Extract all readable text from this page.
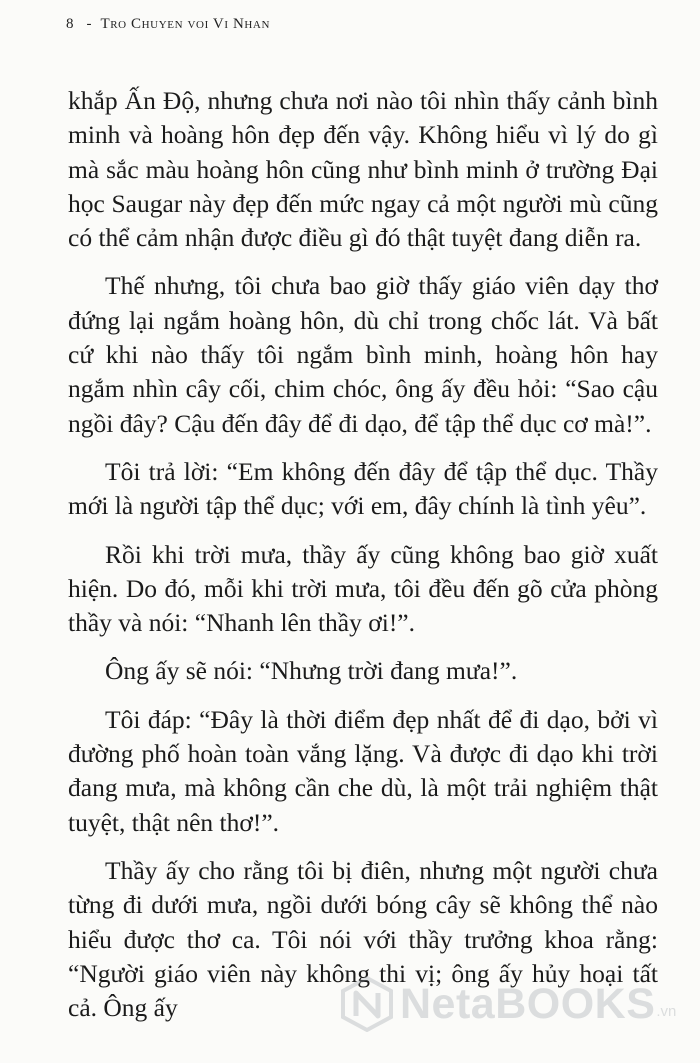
8 - Tro Chuyen voi Vi Nhan

khắp Ấn Độ, nhưng chưa nơi nào tôi nhìn thấy cảnh bình minh và hoàng hôn đẹp đến vậy. Không hiểu vì lý do gì mà sắc màu hoàng hôn cũng như bình minh ở trường Đại học Saugar này đẹp đến mức ngay cả một người mù cũng có thể cảm nhận được điều gì đó thật tuyệt đang diễn ra.

Thế nhưng, tôi chưa bao giờ thấy giáo viên dạy thơ đứng lại ngắm hoàng hôn, dù chỉ trong chốc lát. Và bất cứ khi nào thấy tôi ngắm bình minh, hoàng hôn hay ngắm nhìn cây cối, chim chóc, ông ấy đều hỏi: “Sao cậu ngồi đây? Cậu đến đây để đi dạo, để tập thể dục cơ mà!”.

Tôi trả lời: “Em không đến đây để tập thể dục. Thầy mới là người tập thể dục; với em, đây chính là tình yêu”.

Rồi khi trời mưa, thầy ấy cũng không bao giờ xuất hiện. Do đó, mỗi khi trời mưa, tôi đều đến gõ cửa phòng thầy và nói: “Nhanh lên thầy ơi!”.

Ông ấy sẽ nói: “Nhưng trời đang mưa!”.

Tôi đáp: “Đây là thời điểm đẹp nhất để đi dạo, bởi vì đường phố hoàn toàn vắng lặng. Và được đi dạo khi trời đang mưa, mà không cần che dù, là một trải nghiệm thật tuyệt, thật nên thơ!”.

Thầy ấy cho rằng tôi bị điên, nhưng một người chưa từng đi dưới mưa, ngồi dưới bóng cây sẽ không thể nào hiểu được thơ ca. Tôi nói với thầy trưởng khoa rằng: “Người giáo viên này không thi vị; ông ấy hủy hoại tất cả. Ông ấy	NetaBOOKS .vn
